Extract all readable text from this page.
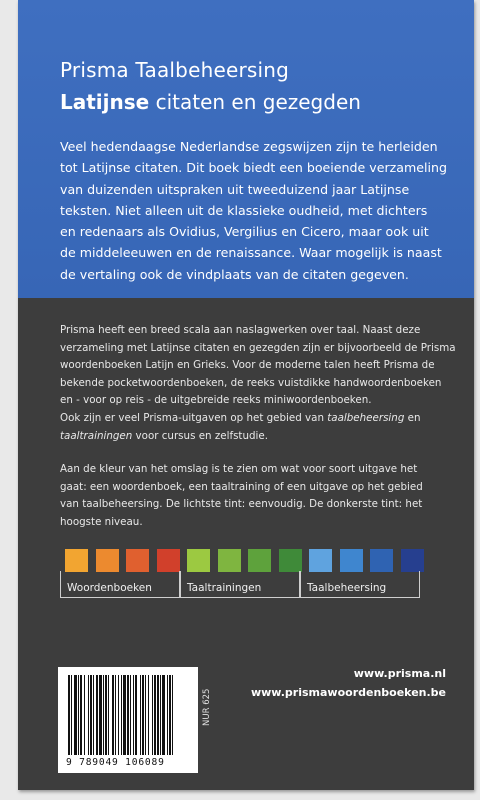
Prisma Taalbeheersing
Latijnse citaten en gezegden

Veel hedendaagse Nederlandse zegswijzen zijn te herleiden

tot Latijnse citaten. Dit boek biedt een boeiende verzameling

van duizenden uitspraken uit tweeduizend jaar Latijnse

teksten. Niet alleen uit de klassieke oudheid, met dichters

en redenaars als Ovidius, Vergilius en Cicero, maar ook uit

de middeleeuwen en de renaissance. Waar mogelijk is naast

de vertaling ook de vindplaats van de citaten gegeven.

Prisma heeft een breed scala aan naslagwerken over taal. Naast deze

verzameling met Latijnse citaten en gezegden zijn er bijvoorbeeld de Prisma

woordenboeken Latijn en Grieks. Voor de moderne talen heeft Prisma de

bekende pocketwoordenboeken, de reeks vuistdikke handwoordenboeken

en - voor op reis - de uitgebreide reeks miniwoordenboeken.

Ook zijn er veel Prisma-uitgaven op het gebied van taalbeheersing en

taaltrainingen voor cursus en zelfstudie.

Aan de kleur van het omslag is te zien om wat voor soort uitgave het

gaat: een woordenboek, een taaltraining of een uitgave op het gebied

van taalbeheersing. De lichtste tint: eenvoudig. De donkerste tint: het

hoogste niveau.

Woordenboeken	Taaltrainingen	Taalbeheersing
9 789049 106089
NUR 625
www.prisma.nl
www.prismawoordenboeken.be
